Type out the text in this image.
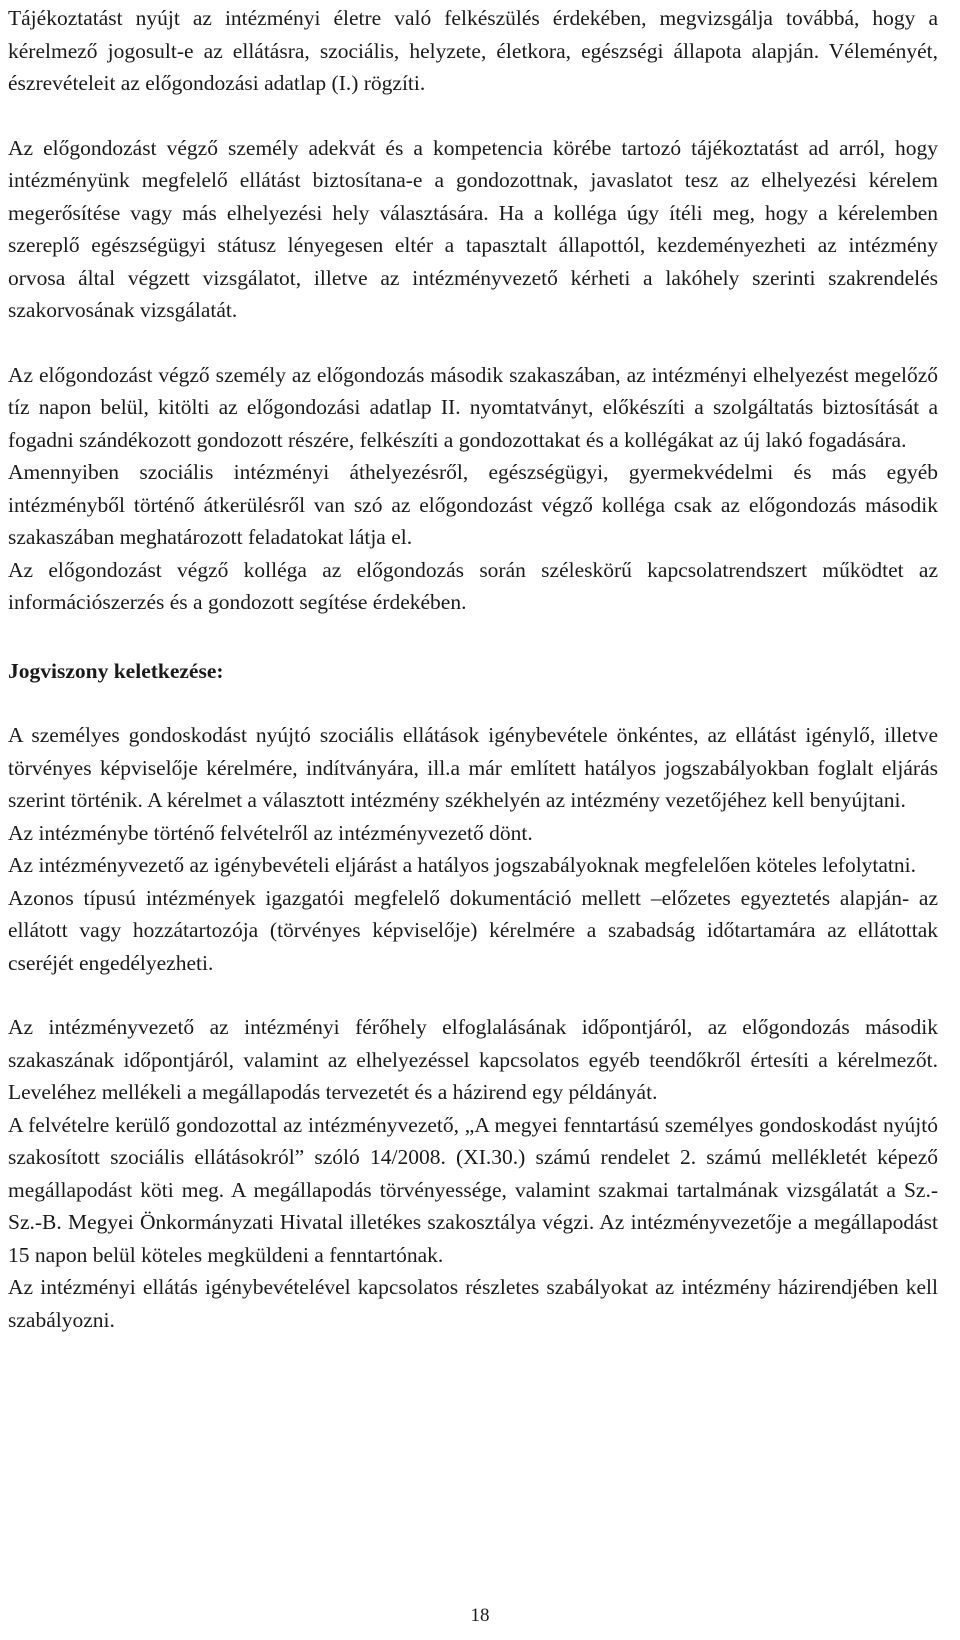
Tájékoztatást nyújt az intézményi életre való felkészülés érdekében, megvizsgálja továbbá, hogy a kérelmező jogosult-e az ellátásra, szociális, helyzete, életkora, egészségi állapota alapján. Véleményét, észrevételeit az előgondozási adatlap (I.) rögzíti.

Az előgondozást végző személy adekvát és a kompetencia körébe tartozó tájékoztatást ad arról, hogy intézményünk megfelelő ellátást biztosítana-e a gondozottnak, javaslatot tesz az elhelyezési kérelem megerősítése vagy más elhelyezési hely választására. Ha a kolléga úgy ítéli meg, hogy a kérelemben szereplő egészségügyi státusz lényegesen eltér a tapasztalt állapottól, kezdeményezheti az intézmény orvosa által végzett vizsgálatot, illetve az intézményvezető kérheti a lakóhely szerinti szakrendelés szakorvosának vizsgálatát.

Az előgondozást végző személy az előgondozás második szakaszában, az intézményi elhelyezést megelőző tíz napon belül, kitölti az előgondozási adatlap II. nyomtatványt, előkészíti a szolgáltatás biztosítását a fogadni szándékozott gondozott részére, felkészíti a gondozottakat és a kollégákat az új lakó fogadására.

Amennyiben szociális intézményi áthelyezésről, egészségügyi, gyermekvédelmi és más egyéb intézményből történő átkerülésről van szó az előgondozást végző kolléga csak az előgondozás második szakaszában meghatározott feladatokat látja el.

Az előgondozást végző kolléga az előgondozás során széleskörű kapcsolatrendszert működtet az információszerzés és a gondozott segítése érdekében.

Jogviszony keletkezése:

A személyes gondoskodást nyújtó szociális ellátások igénybevétele önkéntes, az ellátást igénylő, illetve törvényes képviselője kérelmére, indítványára, ill.a már említett hatályos jogszabályokban foglalt eljárás szerint történik. A kérelmet a választott intézmény székhelyén az intézmény vezetőjéhez kell benyújtani.

Az intézménybe történő felvételről az intézményvezető dönt.

Az intézményvezető az igénybevételi eljárást a hatályos jogszabályoknak megfelelően köteles lefolytatni.

Azonos típusú intézmények igazgatói megfelelő dokumentáció mellett –előzetes egyeztetés alapján- az ellátott vagy hozzátartozója (törvényes képviselője) kérelmére a szabadság időtartamára az ellátottak cseréjét engedélyezheti.

Az intézményvezető az intézményi férőhely elfoglalásának időpontjáról, az előgondozás második szakaszának időpontjáról, valamint az elhelyezéssel kapcsolatos egyéb teendőkről értesíti a kérelmezőt. Leveléhez mellékeli a megállapodás tervezetét és a házirend egy példányát.

A felvételre kerülő gondozottal az intézményvezető, „A megyei fenntartású személyes gondoskodást nyújtó szakosított szociális ellátásokról” szóló 14/2008. (XI.30.) számú rendelet 2. számú mellékletét képező megállapodást köti meg. A megállapodás törvényessége, valamint szakmai tartalmának vizsgálatát a Sz.-Sz.-B. Megyei Önkormányzati Hivatal illetékes szakosztálya végzi. Az intézményvezetője a megállapodást 15 napon belül köteles megküldeni a fenntartónak.

Az intézményi ellátás igénybevételével kapcsolatos részletes szabályokat az intézmény házirendjében kell szabályozni.

18
